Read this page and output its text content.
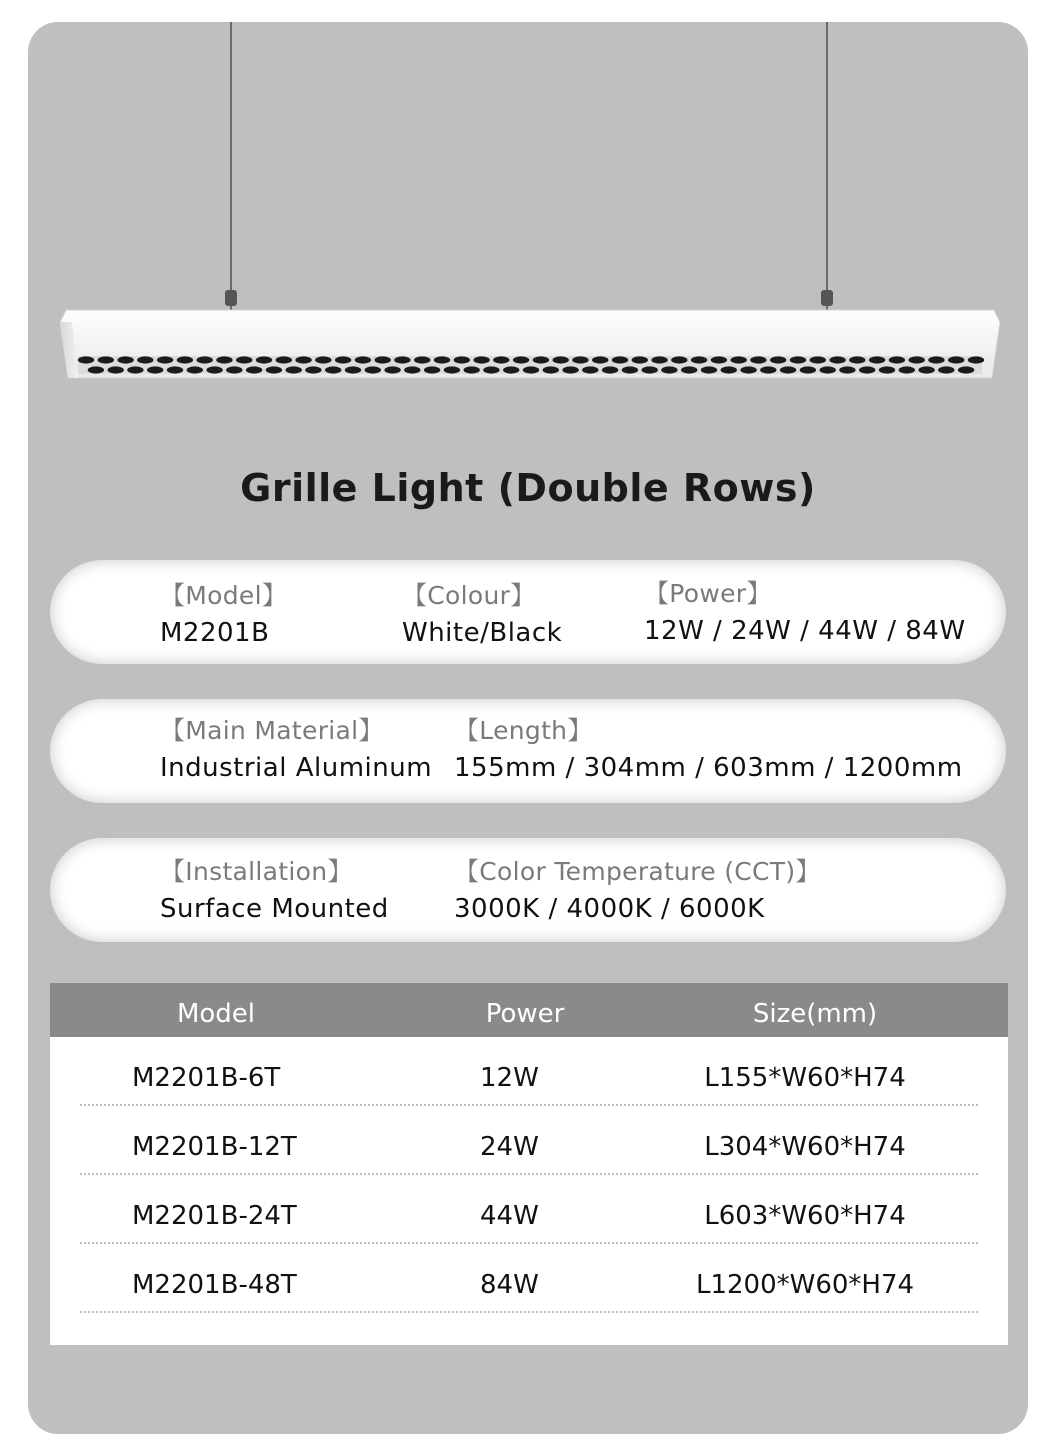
Grille Light (Double Rows)
【Model】
M2201B
【Colour】
White/Black
【Power】
12W / 24W / 44W / 84W
【Main Material】
Industrial Aluminum
【Length】
155mm / 304mm / 603mm / 1200mm
【Installation】
Surface Mounted
【Color Temperature (CCT)】
3000K / 4000K / 6000K
Model	Power	Size(mm)
M2201B-6T	12W	L155*W60*H74
M2201B-12T	24W	L304*W60*H74
M2201B-24T	44W	L603*W60*H74
M2201B-48T	84W	L1200*W60*H74
